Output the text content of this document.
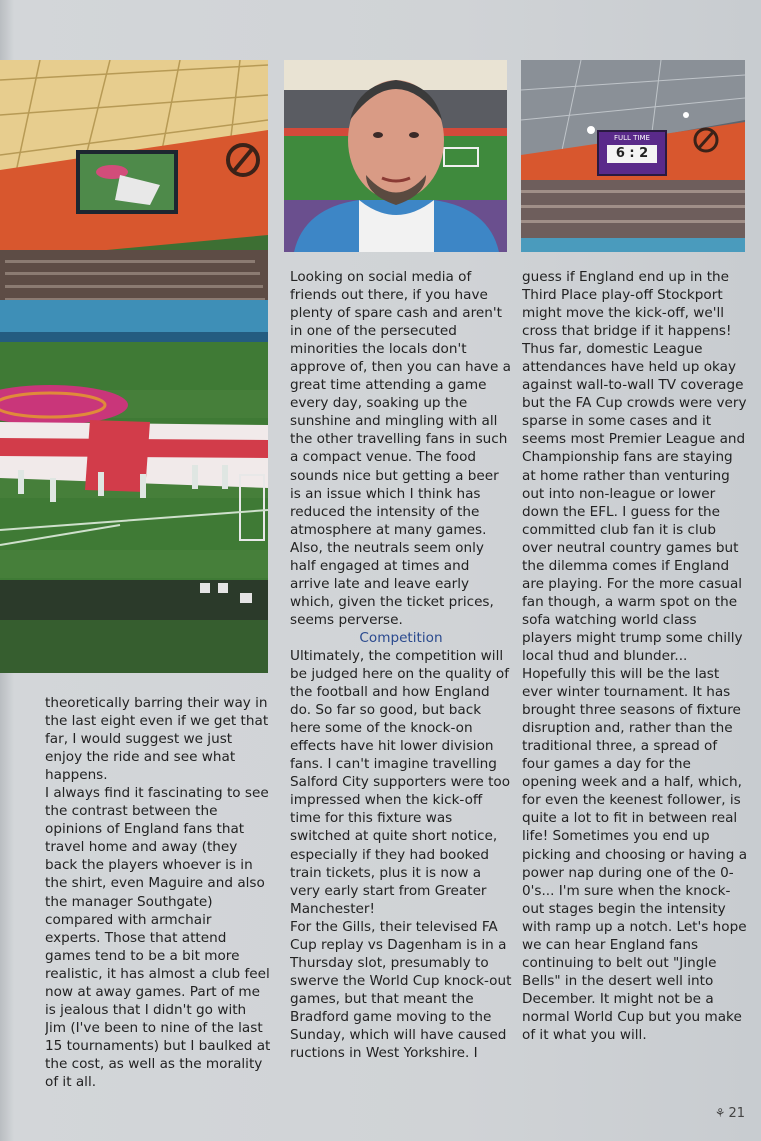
FULL TIME
6 : 2
theoretically barring their way in the last eight even if we get that far, I would suggest we just enjoy the ride and see what happens.
I always find it fascinating to see the contrast between the opinions of England fans that travel home and away (they back the players whoever is in the shirt, even Maguire and also the manager Southgate) compared with armchair experts. Those that attend games tend to be a bit more realistic, it has almost a club feel now at away games. Part of me is jealous that I didn't go with Jim (I've been to nine of the last 15 tournaments) but I baulked at the cost, as well as the morality of it all.
Looking on social media of friends out there, if you have plenty of spare cash and aren't in one of the persecuted minorities the locals don't approve of, then you can have a great time attending a game every day, soaking up the sunshine and mingling with all the other travelling fans in such a compact venue. The food sounds nice but getting a beer is an issue which I think has reduced the intensity of the atmosphere at many games. Also, the neutrals seem only half engaged at times and arrive late and leave early which, given the ticket prices, seems perverse.

Competition
Ultimately, the competition will be judged here on the quality of the football and how England do. So far so good, but back here some of the knock-on effects have hit lower division fans. I can't imagine travelling Salford City supporters were too impressed when the kick-off time for this fixture was switched at quite short notice, especially if they had booked train tickets, plus it is now a very early start from Greater Manchester!
For the Gills, their televised FA Cup replay vs Dagenham is in a Thursday slot, presumably to swerve the World Cup knock-out games, but that meant the Bradford game moving to the Sunday, which will have caused ructions in West Yorkshire. I
guess if England end up in the Third Place play-off Stockport might move the kick-off, we'll cross that bridge if it happens!
Thus far, domestic League attendances have held up okay against wall-to-wall TV coverage but the FA Cup crowds were very sparse in some cases and it seems most Premier League and Championship fans are staying at home rather than venturing out into non-league or lower down the EFL. I guess for the committed club fan it is club over neutral country games but the dilemma comes if England are playing. For the more casual fan though, a warm spot on the sofa watching world class players might trump some chilly local thud and blunder...
Hopefully this will be the last ever winter tournament. It has brought three seasons of fixture disruption and, rather than the traditional three, a spread of four games a day for the opening week and a half, which, for even the keenest follower, is quite a lot to fit in between real life! Sometimes you end up picking and choosing or having a power nap during one of the 0-0's... I'm sure when the knock-out stages begin the intensity with ramp up a notch. Let's hope we can hear England fans continuing to belt out "Jingle Bells" in the desert well into December. It might not be a normal World Cup but you make of it what you will.
⚘ 21
